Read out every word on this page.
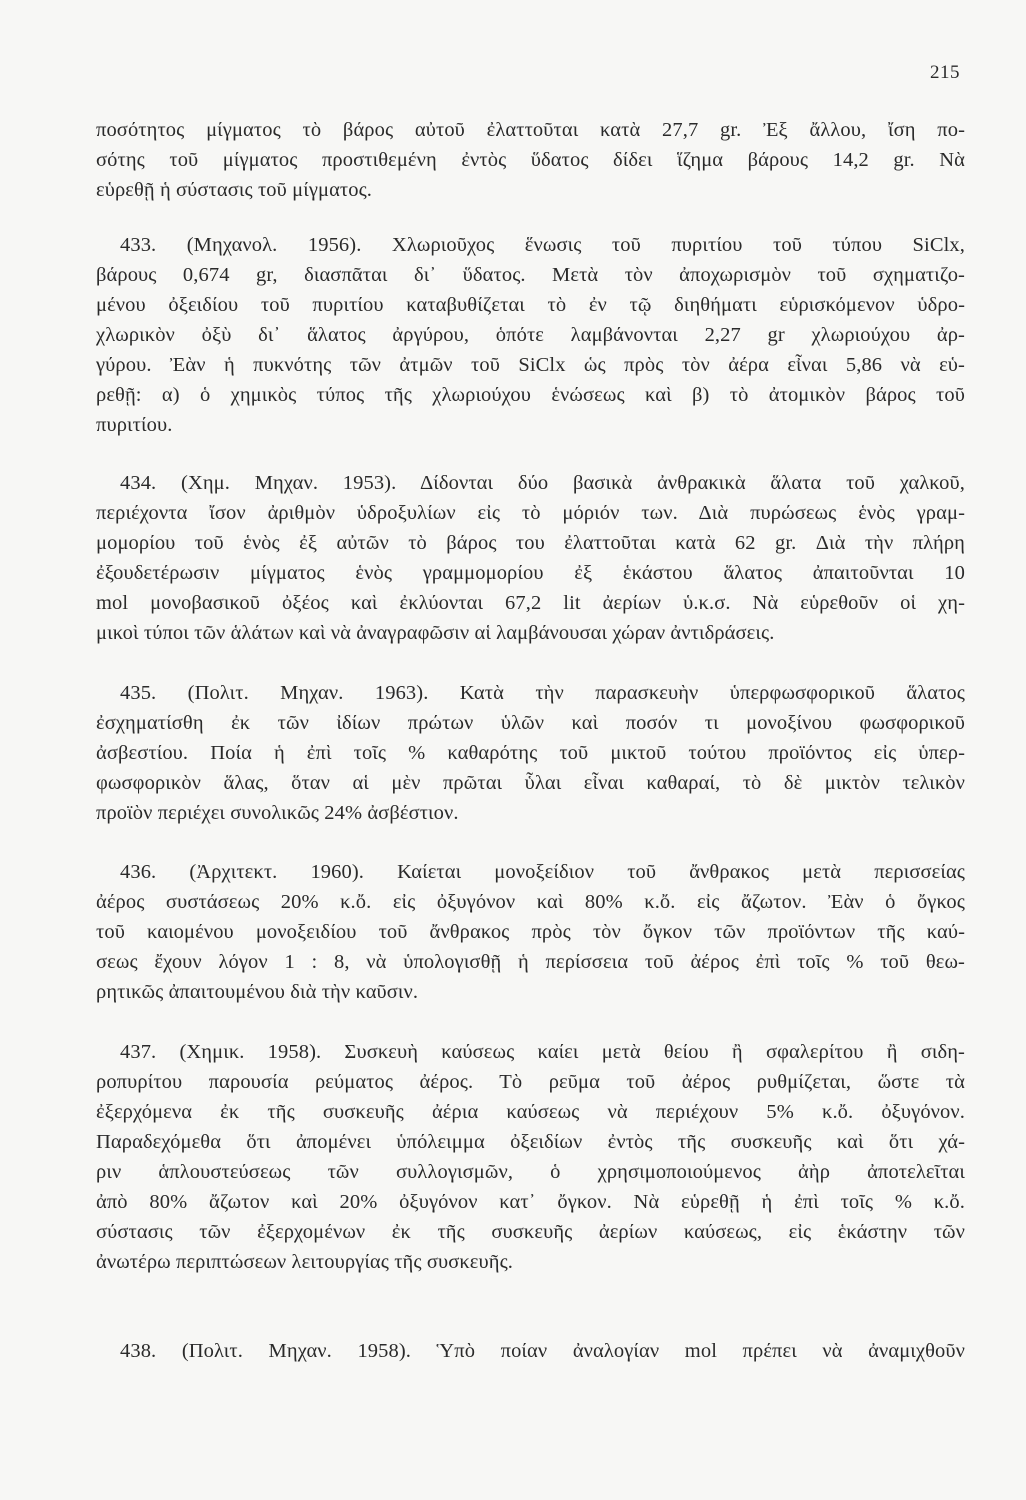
215
ποσότητος μίγματος τὸ βάρος αὐτοῦ ἐλαττοῦται κατὰ 27,7 gr. Ἐξ ἄλλου, ἴση πο-
σότης τοῦ μίγματος προστιθεμένη ἐντὸς ὕδατος δίδει ἵζημα βάρους 14,2 gr. Νὰ
εὑρεθῇ ἡ σύστασις τοῦ μίγματος.
433. (Μηχανολ. 1956). Χλωριοῦχος ἕνωσις τοῦ πυριτίου τοῦ τύπου SiClx,
βάρους 0,674 gr, διασπᾶται δι᾿ ὕδατος. Μετὰ τὸν ἀποχωρισμὸν τοῦ σχηματιζο-
μένου ὀξειδίου τοῦ πυριτίου καταβυθίζεται τὸ ἐν τῷ διηθήματι εὑρισκόμενον ὑδρο-
χλωρικὸν ὀξὺ δι᾿ ἅλατος ἀργύρου, ὁπότε λαμβάνονται 2,27 gr χλωριούχου ἀρ-
γύρου. Ἐὰν ἡ πυκνότης τῶν ἀτμῶν τοῦ SiClx ὡς πρὸς τὸν ἀέρα εἶναι 5,86 νὰ εὑ-
ρεθῇ: α) ὁ χημικὸς τύπος τῆς χλωριούχου ἑνώσεως καὶ β) τὸ ἀτομικὸν βάρος τοῦ
πυριτίου.
434. (Χημ. Μηχαν. 1953). Δίδονται δύο βασικὰ ἀνθρακικὰ ἅλατα τοῦ χαλκοῦ,
περιέχοντα ἴσον ἀριθμὸν ὑδροξυλίων εἰς τὸ μόριόν των. Διὰ πυρώσεως ἑνὸς γραμ-
μομορίου τοῦ ἑνὸς ἐξ αὐτῶν τὸ βάρος του ἐλαττοῦται κατὰ 62 gr. Διὰ τὴν πλήρη
ἐξουδετέρωσιν μίγματος ἑνὸς γραμμομορίου ἐξ ἑκάστου ἅλατος ἀπαιτοῦνται 10
mol μονοβασικοῦ ὀξέος καὶ ἐκλύονται 67,2 lit ἀερίων ὑ.κ.σ. Νὰ εὑρεθοῦν οἱ χη-
μικοὶ τύποι τῶν ἁλάτων καὶ νὰ ἀναγραφῶσιν αἱ λαμβάνουσαι χώραν ἀντιδράσεις.
435. (Πολιτ. Μηχαν. 1963). Κατὰ τὴν παρασκευὴν ὑπερφωσφορικοῦ ἅλατος
ἐσχηματίσθη ἐκ τῶν ἰδίων πρώτων ὑλῶν καὶ ποσόν τι μονοξίνου φωσφορικοῦ
ἀσβεστίου. Ποία ἡ ἐπὶ τοῖς % καθαρότης τοῦ μικτοῦ τούτου προϊόντος εἰς ὑπερ-
φωσφορικὸν ἅλας, ὅταν αἱ μὲν πρῶται ὗλαι εἶναι καθαραί, τὸ δὲ μικτὸν τελικὸν
προϊὸν περιέχει συνολικῶς 24% ἀσβέστιον.
436. (Ἀρχιτεκτ. 1960). Καίεται μονοξείδιον τοῦ ἄνθρακος μετὰ περισσείας
ἀέρος συστάσεως 20% κ.ὄ. εἰς ὀξυγόνον καὶ 80% κ.ὄ. εἰς ἄζωτον. Ἐὰν ὁ ὄγκος
τοῦ καιομένου μονοξειδίου τοῦ ἄνθρακος πρὸς τὸν ὄγκον τῶν προϊόντων τῆς καύ-
σεως ἔχουν λόγον 1 : 8, νὰ ὑπολογισθῇ ἡ περίσσεια τοῦ ἀέρος ἐπὶ τοῖς % τοῦ θεω-
ρητικῶς ἀπαιτουμένου διὰ τὴν καῦσιν.
437. (Χημικ. 1958). Συσκευὴ καύσεως καίει μετὰ θείου ἢ σφαλερίτου ἢ σιδη-
ροπυρίτου παρουσία ρεύματος ἀέρος. Τὸ ρεῦμα τοῦ ἀέρος ρυθμίζεται, ὥστε τὰ
ἐξερχόμενα ἐκ τῆς συσκευῆς ἀέρια καύσεως νὰ περιέχουν 5% κ.ὄ. ὀξυγόνον.
Παραδεχόμεθα ὅτι ἀπομένει ὑπόλειμμα ὀξειδίων ἐντὸς τῆς συσκευῆς καὶ ὅτι χά-
ριν ἁπλουστεύσεως τῶν συλλογισμῶν, ὁ χρησιμοποιούμενος ἀὴρ ἀποτελεῖται
ἀπὸ 80% ἄζωτον καὶ 20% ὀξυγόνον κατ᾿ ὄγκον. Νὰ εὑρεθῇ ἡ ἐπὶ τοῖς % κ.ὄ.
σύστασις τῶν ἐξερχομένων ἐκ τῆς συσκευῆς ἀερίων καύσεως, εἰς ἑκάστην τῶν
ἀνωτέρω περιπτώσεων λειτουργίας τῆς συσκευῆς.
438. (Πολιτ. Μηχαν. 1958). Ὑπὸ ποίαν ἀναλογίαν mol πρέπει νὰ ἀναμιχθοῦν
